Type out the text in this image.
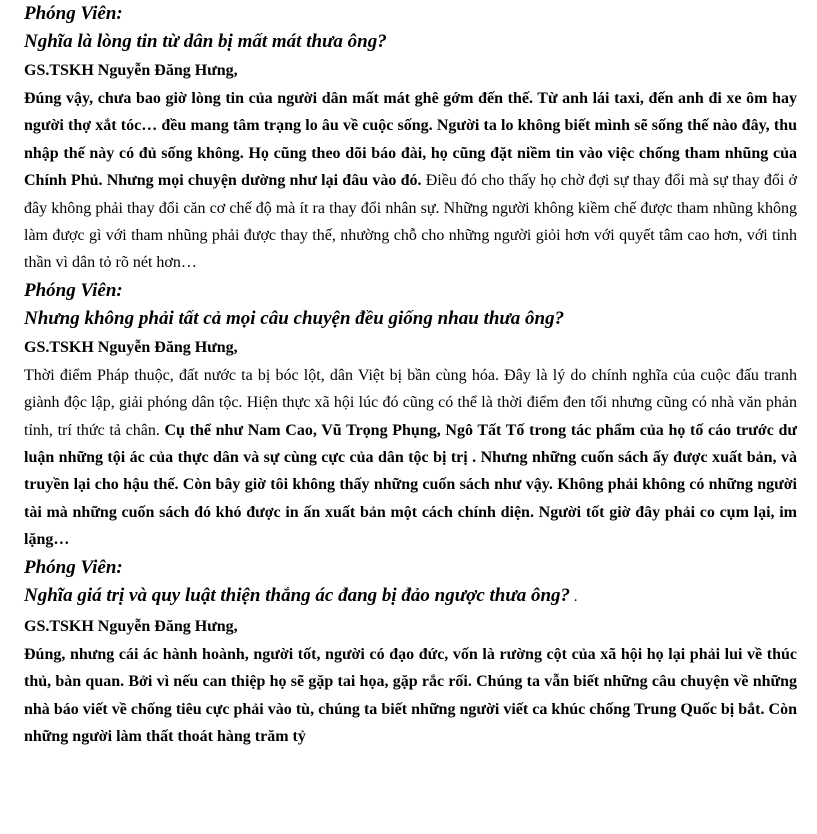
Phóng Viên:

Nghĩa là lòng tin từ dân bị mất mát thưa ông?

GS.TSKH Nguyễn Đăng Hưng,

Đúng vậy, chưa bao giờ lòng tin của người dân mất mát ghê gớm đến thế. Từ anh lái taxi, đến anh đi xe ôm hay người thợ xắt tóc… đều mang tâm trạng lo âu về cuộc sống. Người ta lo không biết mình sẽ sống thế nào đây, thu nhập thế này có đủ sống không. Họ cũng theo dõi báo đài, họ cũng đặt niềm tin vào việc chống tham nhũng của Chính Phủ. Nhưng mọi chuyện dường như lại đâu vào đó. Điều đó cho thấy họ chờ đợi sự thay đổi mà sự thay đổi ở đây không phải thay đổi căn cơ chế độ mà ít ra thay đổi nhân sự. Những người không kiềm chế được tham nhũng không làm được gì với tham nhũng phải được thay thế, nhường chỗ cho những người giỏi hơn với quyết tâm cao hơn, với tinh thần vì dân tỏ rõ nét hơn…

Phóng Viên:

Nhưng không phải tất cả mọi câu chuyện đều giống nhau thưa ông?

GS.TSKH Nguyễn Đăng Hưng,

Thời điểm Pháp thuộc, đất nước ta bị bóc lột, dân Việt bị bần cùng hóa. Đây là lý do chính nghĩa của cuộc đấu tranh giành độc lập, giải phóng dân tộc. Hiện thực xã hội lúc đó cũng có thể là thời điểm đen tối nhưng cũng có nhà văn phản tỉnh, trí thức tả chân. Cụ thể như Nam Cao, Vũ Trọng Phụng, Ngô Tất Tố trong tác phẩm của họ tố cáo trước dư luận những tội ác của thực dân và sự cùng cực của dân tộc bị trị . Nhưng những cuốn sách ấy được xuất bản, và truyền lại cho hậu thế. Còn bây giờ tôi không thấy những cuốn sách như vậy. Không phải không có những người tài mà những cuốn sách đó khó được in ấn xuất bản một cách chính diện. Người tốt giờ đây phải co cụm lại, im lặng…

Phóng Viên:

Nghĩa giá trị và quy luật thiện thắng ác đang bị đảo ngược thưa ông? .

GS.TSKH Nguyễn Đăng Hưng,

Đúng, nhưng cái ác hành hoành, người tốt, người có đạo đức, vốn là rường cột của xã hội họ lại phải lui về thúc thủ, bàn quan. Bởi vì nếu can thiệp họ sẽ gặp tai họa, gặp rắc rối. Chúng ta vẫn biết những câu chuyện về những nhà báo viết về chống tiêu cực phải vào tù, chúng ta biết những người viết ca khúc chống Trung Quốc bị bắt. Còn những người làm thất thoát hàng trăm tỷ
